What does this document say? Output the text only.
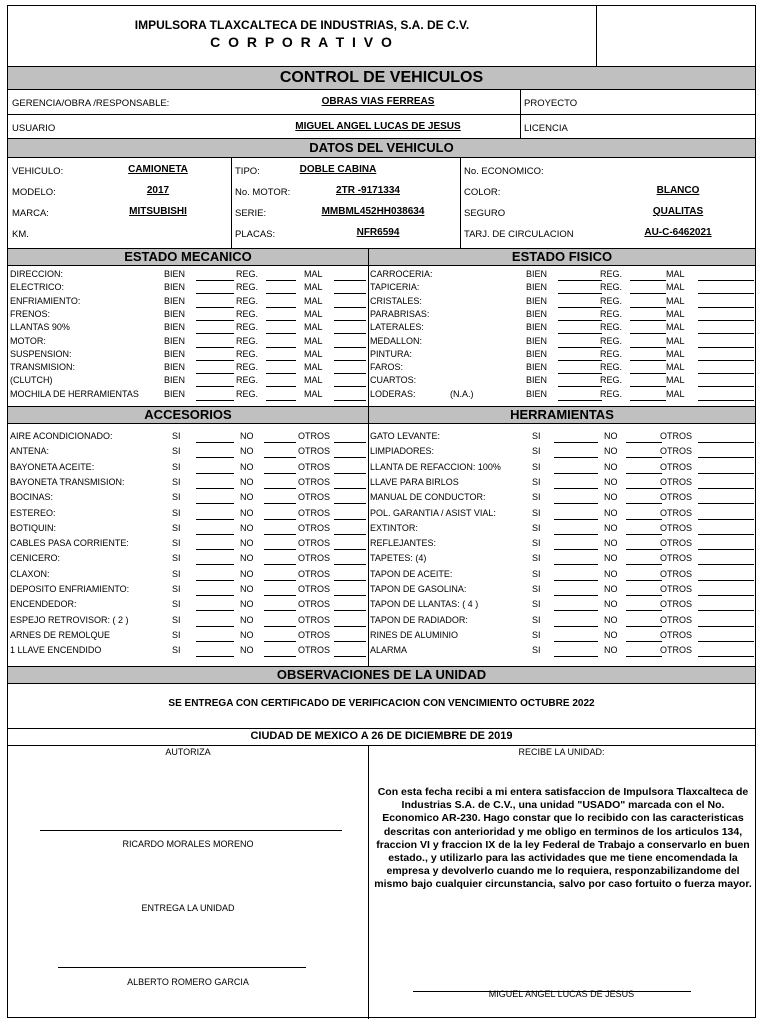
IMPULSORA TLAXCALTECA DE INDUSTRIAS, S.A. DE C.V.
C O R P O R A T I V O
CONTROL DE VEHICULOS
GERENCIA/OBRA /RESPONSABLE:	OBRAS VIAS FERREAS	PROYECTO
USUARIO	MIGUEL ANGEL LUCAS DE JESUS	LICENCIA
DATOS DEL VEHICULO
VEHICULO:	CAMIONETA	TIPO:	DOBLE CABINA	No. ECONOMICO:
MODELO:	2017	No. MOTOR:	2TR -9171334	COLOR:	BLANCO
MARCA:	MITSUBISHI	SERIE:	MMBML452HH038634	SEGURO	QUALITAS
KM.	PLACAS:	NFR6594	TARJ. DE CIRCULACION	AU-C-6462021
ESTADO MECANICO	ESTADO FISICO
ACCESORIOS	HERRAMIENTAS
OBSERVACIONES DE LA UNIDAD
SE ENTREGA CON CERTIFICADO DE VERIFICACION CON VENCIMIENTO OCTUBRE 2022
CIUDAD DE MEXICO A 26 DE DICIEMBRE DE 2019
AUTORIZA
RICARDO MORALES MORENO
ENTREGA LA UNIDAD
ALBERTO ROMERO GARCIA
RECIBE LA UNIDAD:
Con esta fecha recibi a mi entera satisfaccion de Impulsora Tlaxcalteca de Industrias S.A. de C.V., una unidad "USADO" marcada con el No. Economico AR-230. Hago constar que lo recibido con las caracteristicas descritas con anterioridad y me obligo en terminos de los articulos 134, fraccion VI y fraccion IX de la ley Federal de Trabajo a conservarlo en buen estado., y utilizarlo para las actividades que me tiene encomendada la empresa y devolverlo cuando me lo requiera, responzabilizandome del mismo bajo cualquier circunstancia, salvo por caso fortuito o fuerza mayor.
MIGUEL ANGEL LUCAS DE JESUS
DIRECCION:	BIEN	REG.	MAL
ELECTRICO:	BIEN	REG.	MAL
ENFRIAMIENTO:	BIEN	REG.	MAL
FRENOS:	BIEN	REG.	MAL
LLANTAS 90%	BIEN	REG.	MAL
MOTOR:	BIEN	REG.	MAL
SUSPENSION:	BIEN	REG.	MAL
TRANSMISION:	BIEN	REG.	MAL
(CLUTCH)	BIEN	REG.	MAL
MOCHILA DE HERRAMIENTAS	BIEN	REG.	MAL
CARROCERIA:	BIEN	REG.	MAL
TAPICERIA:	BIEN	REG.	MAL
CRISTALES:	BIEN	REG.	MAL
PARABRISAS:	BIEN	REG.	MAL
LATERALES:	BIEN	REG.	MAL
MEDALLON:	BIEN	REG.	MAL
PINTURA:	BIEN	REG.	MAL
FAROS:	BIEN	REG.	MAL
CUARTOS:	BIEN	REG.	MAL
LODERAS:	BIEN	REG.	MAL
(N.A.)
AIRE ACONDICIONADO:	SI	NO	OTROS
ANTENA:	SI	NO	OTROS
BAYONETA ACEITE:	SI	NO	OTROS
BAYONETA TRANSMISION:	SI	NO	OTROS
BOCINAS:	SI	NO	OTROS
ESTEREO:	SI	NO	OTROS
BOTIQUIN:	SI	NO	OTROS
CABLES PASA CORRIENTE:	SI	NO	OTROS
CENICERO:	SI	NO	OTROS
CLAXON:	SI	NO	OTROS
DEPOSITO ENFRIAMIENTO:	SI	NO	OTROS
ENCENDEDOR:	SI	NO	OTROS
ESPEJO RETROVISOR: ( 2 )	SI	NO	OTROS
ARNES DE REMOLQUE	SI	NO	OTROS
1 LLAVE ENCENDIDO	SI	NO	OTROS
GATO LEVANTE:	SI	NO	OTROS
LIMPIADORES:	SI	NO	OTROS
LLANTA DE REFACCION: 100%	SI	NO	OTROS
LLAVE PARA BIRLOS	SI	NO	OTROS
MANUAL DE CONDUCTOR:	SI	NO	OTROS
POL. GARANTIA / ASIST VIAL:	SI	NO	OTROS
EXTINTOR:	SI	NO	OTROS
REFLEJANTES:	SI	NO	OTROS
TAPETES: (4)	SI	NO	OTROS
TAPON DE ACEITE:	SI	NO	OTROS
TAPON DE GASOLINA:	SI	NO	OTROS
TAPON DE LLANTAS: ( 4 )	SI	NO	OTROS
TAPON DE RADIADOR:	SI	NO	OTROS
RINES DE ALUMINIO	SI	NO	OTROS
ALARMA	SI	NO	OTROS
